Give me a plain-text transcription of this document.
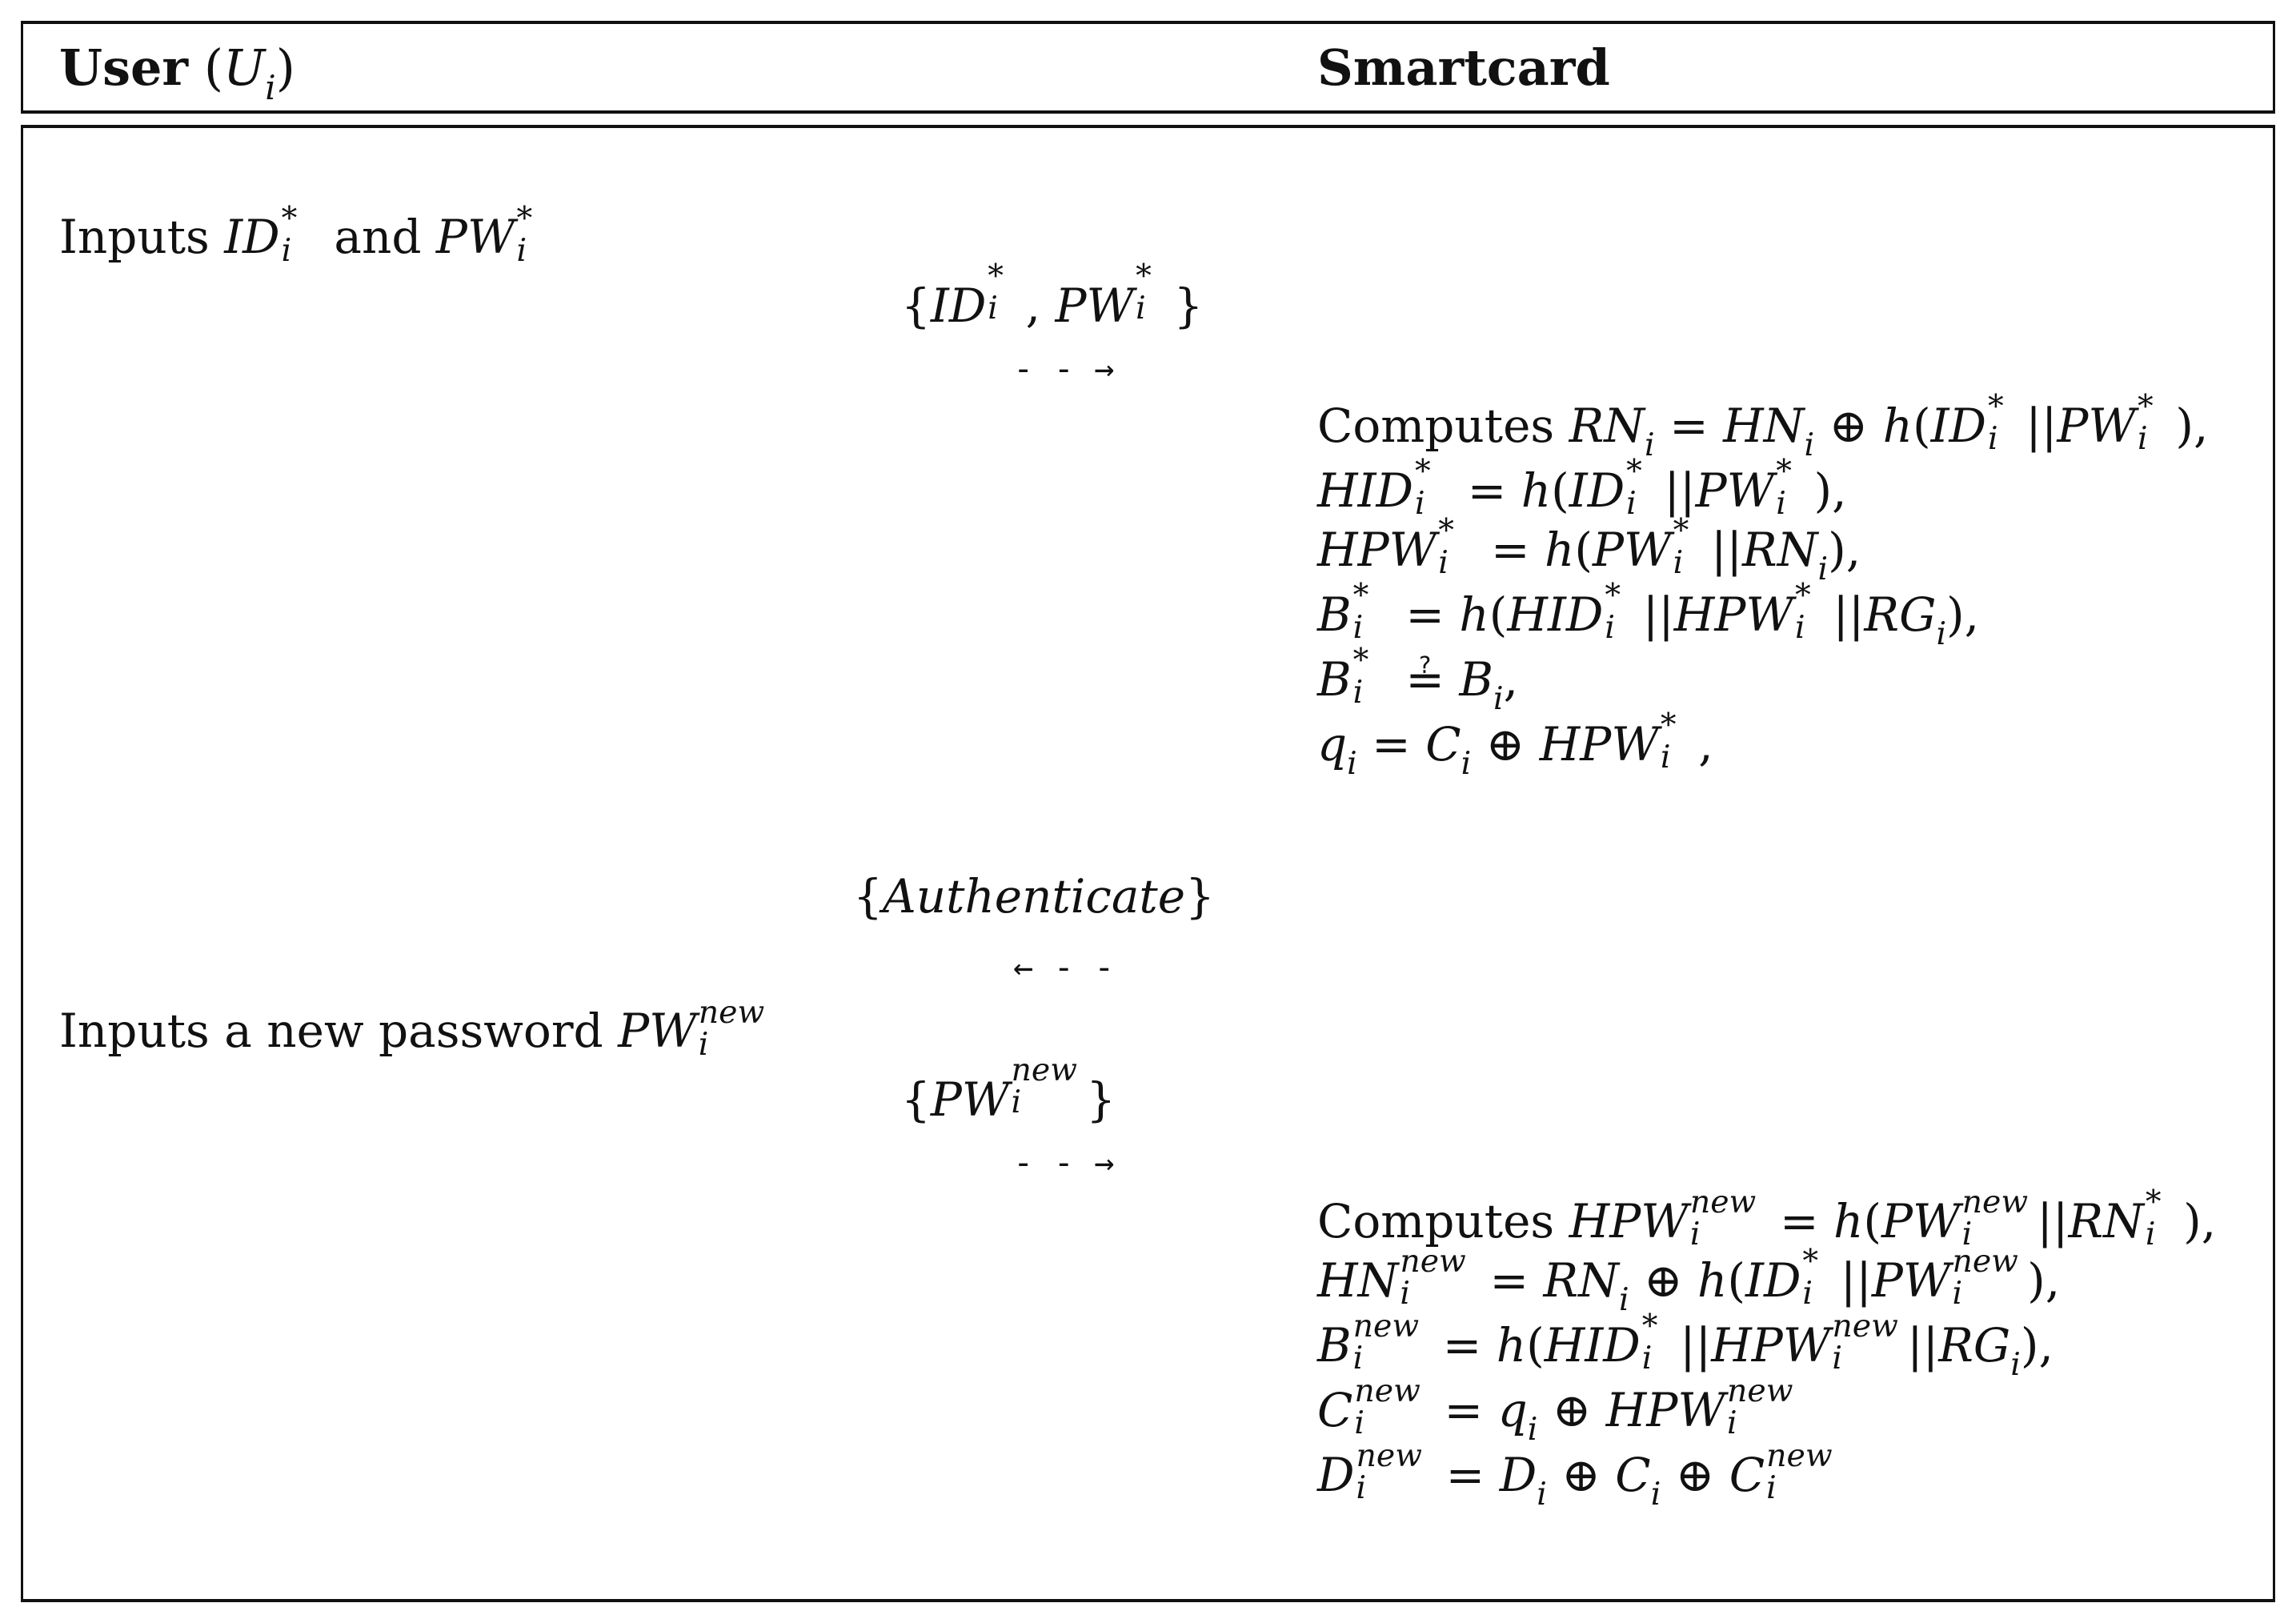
User $(U_i)$	Smartcard
Inputs ID *
i and PW *
i
{ID
*
i , PW
*
i }
- - →
Computes $RN_i = HN_i$ ⊕ h(ID *
i ||PW *
i ),
HID *
i = h(ID *
i ||PW *
i ),
HPW *
i = h(PW *
i $||RN_i$),
B *
i = h(HID *
i ||HPW *
i $||RG_i$),
B *
i ≟ $B_i$,
$q_i = C_i$ ⊕ HPW *
i ,
{Authenticate}
← - -
Inputs a new password PW new
i
{PW
new
i }
- - →
Computes HPW new
i = h(PW new
i ||RN *
i ),
HN new
$i = RN_i$ ⊕ h(ID *
i ||PW new
i ),
B new
i = h(HID *
i ||HPW new
i $||RG_i$),
C new
$i = q_i$ ⊕ HPW new
i
D new
$i = D_i$ ⊕ $C_i$ ⊕ C new
i
